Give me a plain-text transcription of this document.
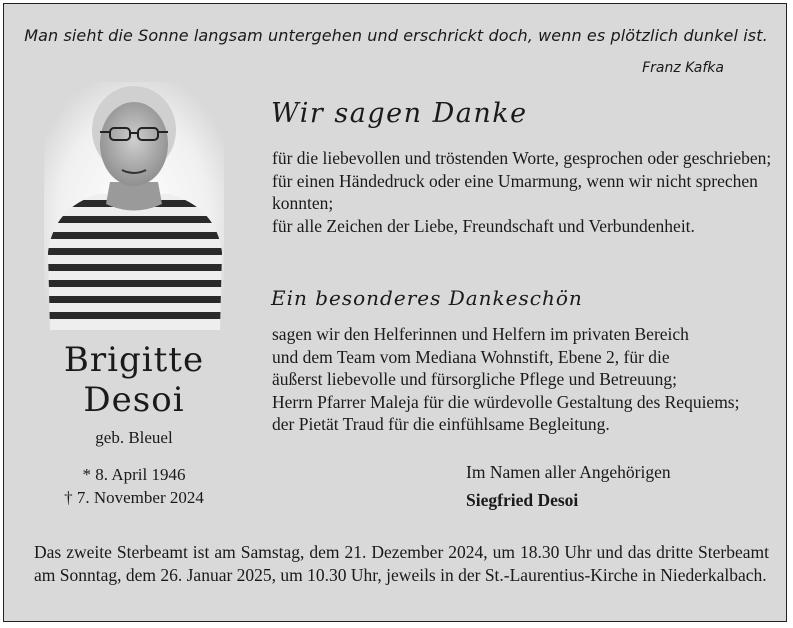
Man sieht die Sonne langsam untergehen und erschrickt doch, wenn es plötzlich dunkel ist.
Franz Kafka
Brigitte
Desoi
geb. Bleuel
* 8. April 1946
† 7. November 2024
Wir sagen Danke
für die liebevollen und tröstenden Worte, gesprochen oder geschrieben;
für einen Händedruck oder eine Umarmung, wenn wir nicht sprechen konnten;
für alle Zeichen der Liebe, Freundschaft und Verbundenheit.
Ein besonderes Dankeschön
sagen wir den Helferinnen und Helfern im privaten Bereich
und dem Team vom Mediana Wohnstift, Ebene 2, für die
äußerst liebevolle und fürsorgliche Pflege und Betreuung;
Herrn Pfarrer Maleja für die würdevolle Gestaltung des Requiems;
der Pietät Traud für die einfühlsame Begleitung.
Im Namen aller Angehörigen
Siegfried Desoi
Das zweite Sterbeamt ist am Samstag, dem 21. Dezember 2024, um 18.30 Uhr und das dritte Sterbeamt am Sonntag, dem 26. Januar 2025, um 10.30 Uhr, jeweils in der St.-Laurentius-Kirche in Niederkalbach.
